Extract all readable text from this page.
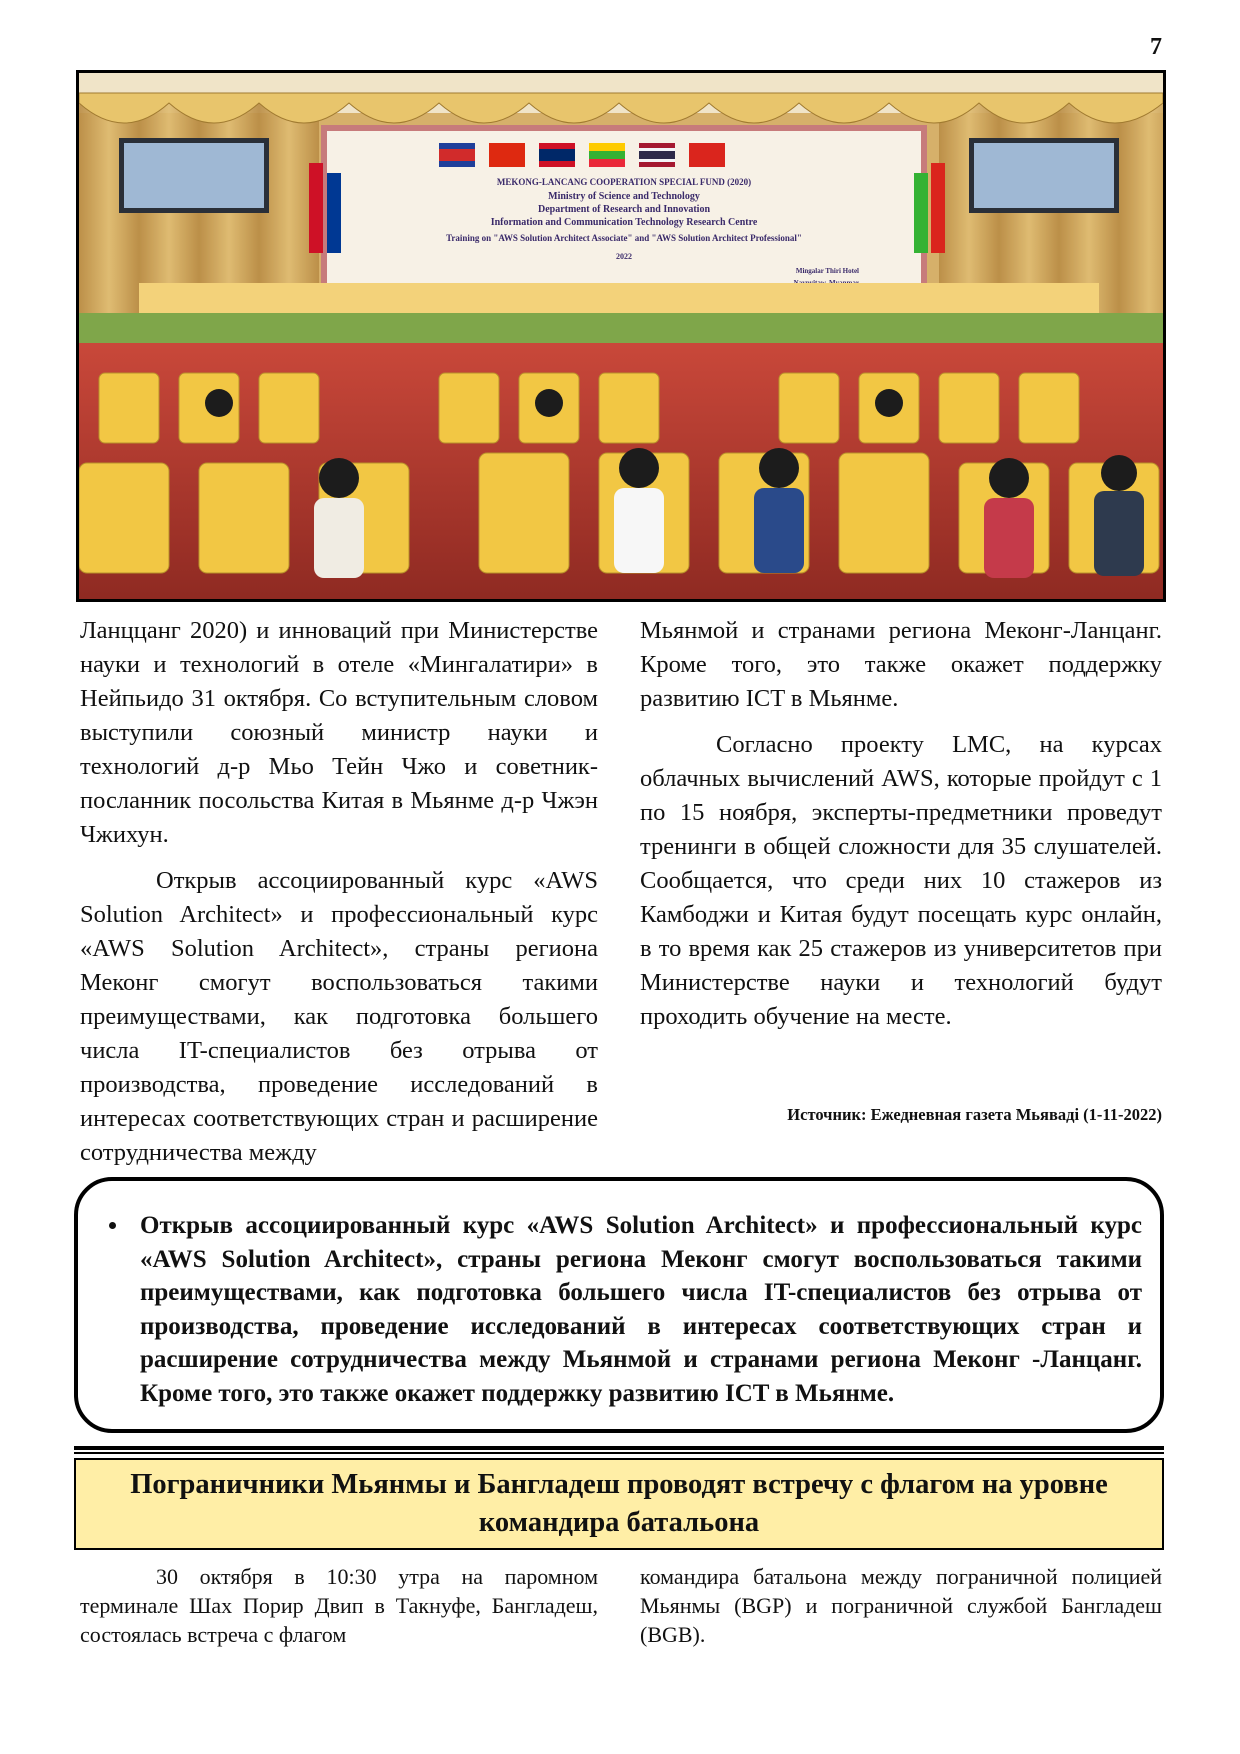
7
MEKONG-LANCANG COOPERATION SPECIAL FUND (2020)
Ministry of Science and Technology
Department of Research and Innovation
Information and Communication Technology Research Centre
Training on "AWS Solution Architect Associate" and "AWS Solution Architect Professional"
2022
Mingalar Thiri Hotel

Ланццанг 2020) и инноваций при Министерстве науки и технологий в отеле «Мингалатири» в Нейпьидо 31 октября. Со вступительным словом выступили союзный министр науки и технологий д-р Мьо Тейн Чжо и советник-посланник посольства Китая в Мьянме д-р Чжэн Чжихун.

Открыв ассоциированный курс «AWS Solution Architect» и профессиональный курс «AWS Solution Architect», страны региона Меконг смогут воспользоваться такими преимуществами, как подготовка большего числа IT-специалистов без отрыва от производства, проведение исследований в интересах соответствующих стран и расширение сотрудничества между

Мьянмой и странами региона Меконг-Ланцанг. Кроме того, это также окажет поддержку развитию ICT в Мьянме.

Согласно проекту LMC, на курсах облачных вычислений AWS, которые пройдут с 1 по 15 ноября, эксперты-предметники проведут тренинги в общей сложности для 35 слушателей. Сообщается, что среди них 10 стажеров из Камбоджи и Китая будут посещать курс онлайн, в то время как 25 стажеров из университетов при Министерстве науки и технологий будут проходить обучение на месте.

Источник: Ежедневная газета Мьяваді (1-11-2022)
• Открыв ассоциированный курс «AWS Solution Architect» и профессиональный курс «AWS Solution Architect», страны региона Меконг смогут воспользоваться такими преимуществами, как подготовка большего числа IT-специалистов без отрыва от производства, проведение исследований в интересах соответствующих стран и расширение сотрудничества между Мьянмой и странами региона Меконг -Ланцанг. Кроме того, это также окажет поддержку развитию ICT в Мьянме.
Пограничники Мьянмы и Бангладеш проводят встречу с флагом на уровне командира батальона

30 октября в 10:30 утра на паромном терминале Шах Порир Двип в Такнуфе, Бангладеш, состоялась встреча с флагом

командира батальона между пограничной полицией Мьянмы (BGP) и пограничной службой Бангладеш (BGB).
